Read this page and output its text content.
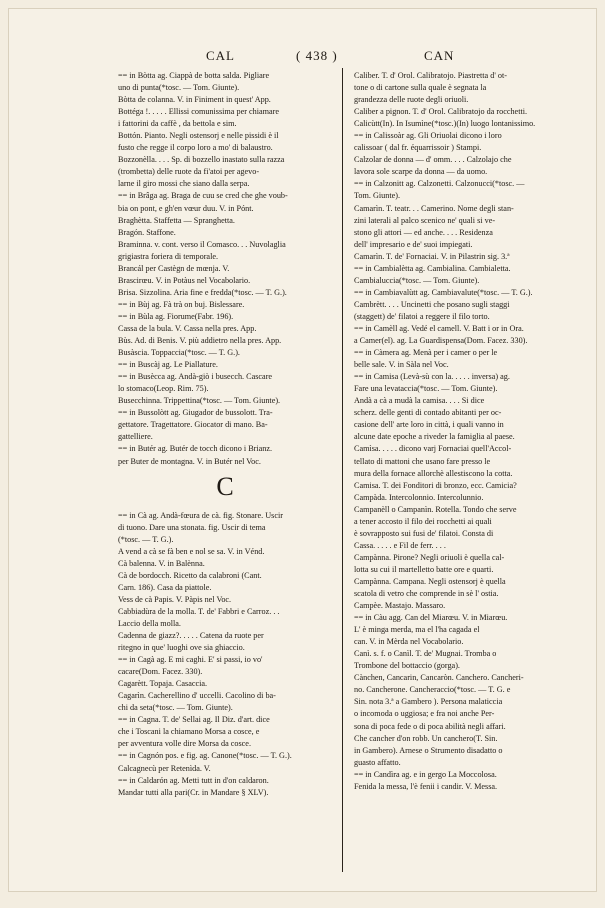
CAL	( 438 )	CAN
== in Bòtta ag. Ciappà de botta salda. Pigliare
uno di punta(*tosc. — Tom. Giunte).
Bòtta de colanna. V. in Finiment in quest' App.
Bottéga !. . . . . Ellissi comunissima per chiamare
i fattorini da caffè , da bettola e sim.
Bottón. Pianto. Negli ostensorj e nelle pissidi è il
fusto che regge il corpo loro a mo' di balaustro.
Bozzonèlla. . . . Sp. di bozzello inastato sulla razza
(trombetta) delle ruote da fi'atoi per agevo-
larne il giro mossi che siano dalla serpa.
== in Brâga ag. Braga de cuu se cred che ghe voub-
bia on pont, e gh'en vœur duu. V. in Pónt.
Braghètta. Staffetta — Spranghetta.
Bragón. Staffone.
Braminna. v. cont. verso il Comasco. . . Nuvolaglia
grigiastra foriera di temporale.
Brancál per Castègn de mœnja. V.
Brascirœu. V. in Potàus nel Vocabolario.
Brisa. Sizzolina. Aria fine e fredda(*tosc. — T. G.).
== in Bùj ag. Fà trà on buj. Bislessare.
== in Bùla ag. Fiorume(Fabr. 196).
Cassa de la bula. V. Cassa nella pres. App.
Bùs. Ad. di Benis. V. più addietro nella pres. App.
Busàscia. Toppaccia(*tosc. — T. G.).
== in Buscàj ag. Le Piallature.
== in Busècca ag. Andà-giò i busecch. Cascare
lo stomaco(Leop. Rim. 75).
Busecchinna. Trippettina(*tosc. — Tom. Giunte).
== in Bussolòtt ag. Giugador de bussolott. Tra-
gettatore. Tragettatore. Giocator di mano. Ba-
gattelliere.
== in Butér ag. Butér de tocch dicono i Brianz.
per Buter de montagna. V. in Butér nel Voc.
C
== in Cà ag. Andà-fœura de cà. fig. Stonare. Uscir
di tuono. Dare una stonata. fig. Uscir di tema
(*tosc. — T. G.).
A vend a cà se fà ben e nol se sa. V. in Vénd.
Cà balenna. V. in Balènna.
Cà de bordocch. Ricetto da calabroni (Cant.
Carn. 186). Casa da piattole.
Vess de cà Papis. V. Pàpis nel Voc.
Cabbiadùra de la molla. T. de' Fabbri e Carroz. . .
Laccio della molla.
Cadenna de giazz?. . . . . Catena da ruote per
ritegno in que' luoghi ove sia ghiaccio.
== in Cagà ag. E mi caghi. E' si passi, io vo'
cacare(Dom. Facez. 330).
Cagarètt. Topaja. Casaccia.
Cagarìn. Cacherellino d' uccelli. Cacolino di ba-
chi da seta(*tosc. — Tom. Giunte).
== in Cagna. T. de' Sellai ag. Il Diz. d'art. dice
che i Toscani la chiamano Morsa a cosce, e
per avventura volle dire Morsa da cosce.
== in Cagnón pos. e fig. ag. Canone(*tosc. — T. G.).
Calcagnecù per Retenìda. V.
== in Caldarón ag. Metti tutt in d'on caldaron.
Mandar tutti alla pari(Cr. in Mandare § XLV).
Caliber. T. d' Orol. Calibratojo. Piastretta d' ot-
tone o di cartone sulla quale è segnata la
grandezza delle ruote degli oriuoli.
Caliber a pignon. T. d' Orol. Calibratojo da rocchetti.
Calicùtt(In). In Isumìne(*tosc.)(In) luogo lontanissimo.
== in Calissoàr ag. Gli Oriuolai dicono i loro
calissoar ( dal fr. équarrissoir ) Stampi.
Calzolar de donna — d' omm. . . . Calzolajo che
lavora sole scarpe da donna — da uomo.
== in Calzonitt ag. Calzonetti. Calzonucci(*tosc. —
Tom. Giunte).
Camarìn. T. teatr. . . Camerino. Nome degli stan-
zini laterali al palco scenico ne' quali si ve-
stono gli attori — ed anche. . . . Residenza
dell' impresario e de' suoi impiegati.
Camarìn. T. de' Fornaciai. V. in Pilastrin sig. 3.ª
== in Cambialètta ag. Cambialina. Cambialetta.
Cambialuccia(*tosc. — Tom. Giunte).
== in Cambiavalùtt ag. Cambiavalute(*tosc. — T. G.).
Cambrètt. . . . Uncinetti che posano sugli staggi
(staggett) de' filatoi a reggere il filo torto.
== in Camèll ag. Vedé el camell. V. Batt i or in Ora.
a Camer(el). ag. La Guardispensa(Dom. Facez. 330).
== in Càmera ag. Menà per i camer o per le
belle sale. V. in Sàla nel Voc.
== in Camisa (Levà-sù con la. . . . . inversa) ag.
Fare una levataccia(*tosc. — Tom. Giunte).
Andà a cà a mudà la camisa. . . . Si dice
scherz. delle genti di contado abitanti per oc-
casione dell' arte loro in città, i quali vanno in
alcune date epoche a riveder la famiglia al paese.
Camìsa. . . . . dicono varj Fornaciai quell'Accol-
tellato di mattoni che usano fare presso le
mura della fornace allorchè allestiscono la cotta.
Camisa. T. dei Fonditori di bronzo, ecc. Camicia?
Campàda. Intercolonnio. Intercolunnio.
Campanèll o Campanìn. Rotella. Tondo che serve
a tener accosto il filo dei rocchetti ai quali
è sovrapposto sui fusi de' filatoi. Consta di
Cassa. . . . . e Fil de ferr. . . .
Campànna. Pirone? Negli oriuoli è quella cal-
lotta su cui il martelletto batte ore e quarti.
Campànna. Campana. Negli ostensorj è quella
scatola di vetro che comprende in sè l' ostia.
Campèe. Mastajo. Massaro.
== in Càu agg. Can del Miarœu. V. in Miarœu.
L' è minga merda, ma el l'ha cagada el
can. V. in Mèrda nel Vocabolario.
Canì. s. f. o Canìl. T. de' Mugnai. Tromba o
Trombone del bottaccio (gorga).
Cànchen, Cancarin, Cancaròn. Canchero. Cancheri-
no. Cancherone. Cancheraccio(*tosc. — T. G. e
Sin. nota 3.ª a Gambero ). Persona malaticcia
o incomoda o uggiosa; e fra noi anche Per-
sona di poca fede o di poca abilità negli affari.
Che cancher d'on robb. Un canchero(T. Sin.
in Gambero). Arnese o Strumento disadatto o
guasto affatto.
== in Candìra ag. e in gergo La Moccolosa.
Fenida la messa, l'è fenii i candir. V. Messa.
